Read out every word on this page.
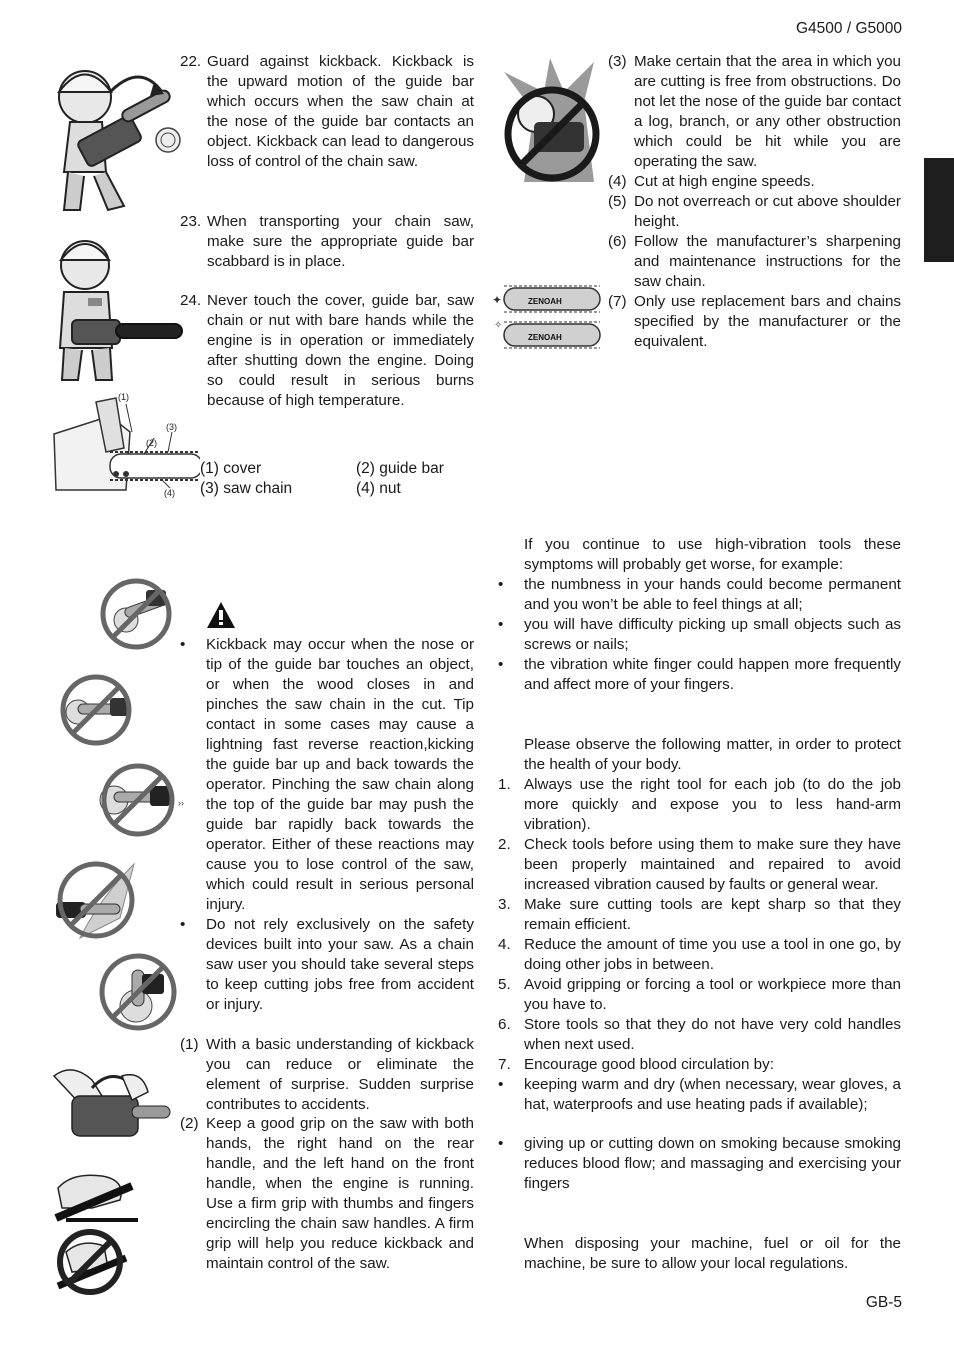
G4500 / G5000
22. Guard against kickback. Kickback is the upward motion of the guide bar which occurs when the saw chain at the nose of the guide bar contacts an object. Kickback can lead to dangerous loss of control of the chain saw.
23. When transporting your chain saw, make sure the appropriate guide bar scabbard is in place.
24. Never touch the cover, guide bar, saw chain or nut with bare hands while the engine is in operation or immediately after shutting down the engine. Doing so could result in serious burns because of high temperature.
(1)
(2)
(3)
(4)
(1) cover	(2) guide bar
(3) saw chain	(4) nut
(3) Make certain that the area in which you are cutting is free from obstructions. Do not let the nose of the guide bar contact a log, branch, or any other obstruction which could be hit while you are operating the saw.
(4) Cut at high engine speeds.
(5) Do not overreach or cut above shoulder height.
(6) Follow the manufacturer’s sharpening and maintenance instructions for the saw chain.
(7) Only use replacement bars and chains specified by the manufacturer or the equivalent.
ZENOAH
ZENOAH
✦
✧
•	Kickback may occur when the nose or tip of the guide bar touches an object, or when the wood closes in and pinches the saw chain in the cut. Tip contact in some cases may cause a lightning fast reverse reaction,kicking the guide bar up and back towards the operator. Pinching the saw chain along the top of the guide bar may push the guide bar rapidly back towards the operator. Either of these reactions may cause you to lose control of the saw, which could result in serious personal injury.
››
•	Do not rely exclusively on the safety devices built into your saw. As a chain saw user you should take several steps to keep cutting jobs free from accident or injury.
(1) With a basic understanding of kickback you can reduce or eliminate the element of surprise. Sudden surprise contributes to accidents.
(2) Keep a good grip on the saw with both hands, the right hand on the rear handle, and the left hand on the front handle, when the engine is running. Use a firm grip with thumbs and fingers encircling the chain saw handles. A firm grip will help you reduce kickback and maintain control of the saw.
If you continue to use high-vibration tools these symptoms will probably get worse, for example:
•	the numbness in your hands could become permanent and you won’t be able to feel things at all;
•	you will have difficulty picking up small objects such as screws or nails;
•	the vibration white finger could happen more frequently and affect more of your fingers.
Please observe the following matter, in order to protect the health of your body.
1. Always use the right tool for each job (to do the job more quickly and expose you to less hand-arm vibration).
2. Check tools before using them to make sure they have been properly maintained and repaired to avoid increased vibration caused by faults or general wear.
3. Make sure cutting tools are kept sharp so that they remain efficient.
4. Reduce the amount of time you use a tool in one go, by doing other jobs in between.
5. Avoid gripping or forcing a tool or workpiece more than you have to.
6. Store tools so that they do not have very cold handles when next used.
7. Encourage good blood circulation by:
•	keeping warm and dry (when necessary, wear gloves, a hat, waterproofs and use heating pads if available);
•	giving up or cutting down on smoking because smoking reduces blood flow; and massaging and exercising your fingers
When disposing your machine, fuel or oil for the machine, be sure to allow your local regulations.
GB-5
